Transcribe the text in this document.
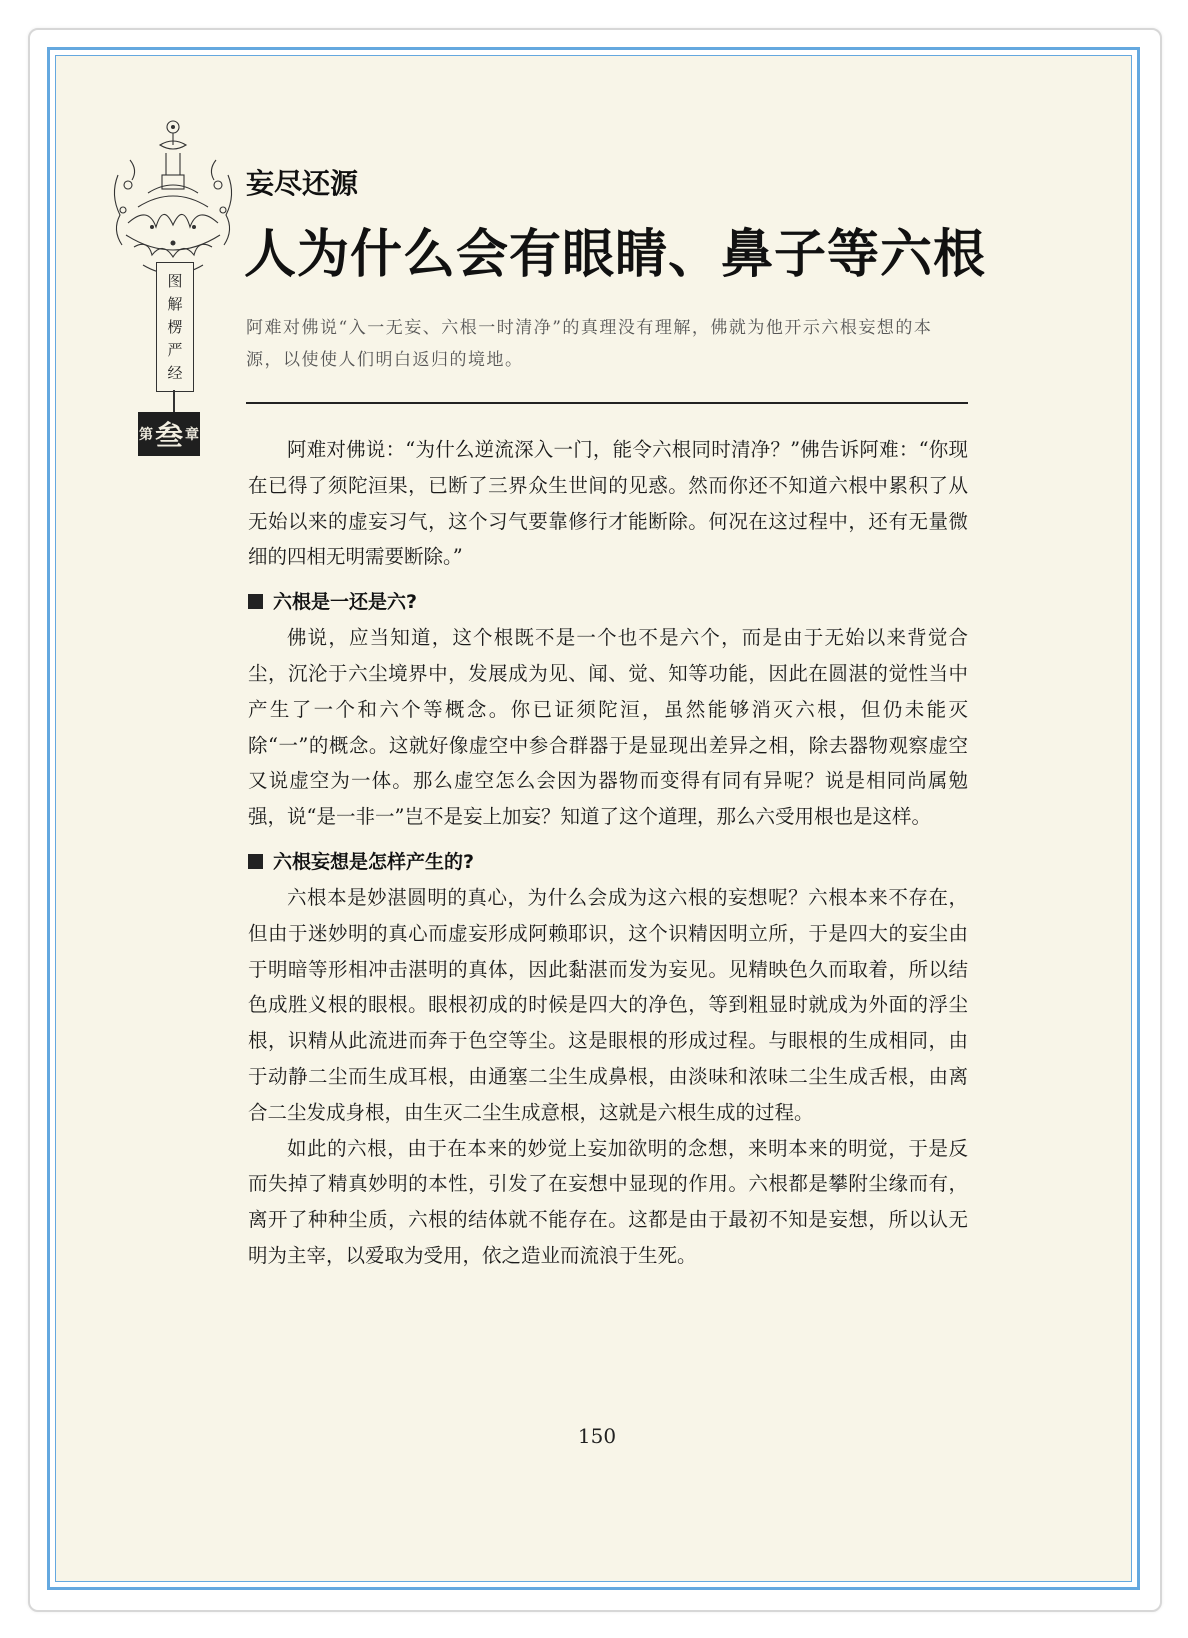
图
解
楞
严
经
第 叁 章
妄尽还源
人为什么会有眼睛、鼻子等六根
阿难对佛说“入一无妄、六根一时清净”的真理没有理解，佛就为他开示六根妄想的本源，以使使人们明白返归的境地。

阿难对佛说：“为什么逆流深入一门，能令六根同时清净？”佛告诉阿难：“你现在已得了须陀洹果，已断了三界众生世间的见惑。然而你还不知道六根中累积了从无始以来的虚妄习气，这个习气要靠修行才能断除。何况在这过程中，还有无量微细的四相无明需要断除。”

六根是一还是六?

佛说，应当知道，这个根既不是一个也不是六个，而是由于无始以来背觉合尘，沉沦于六尘境界中，发展成为见、闻、觉、知等功能，因此在圆湛的觉性当中产生了一个和六个等概念。你已证须陀洹，虽然能够消灭六根，但仍未能灭除“一”的概念。这就好像虚空中参合群器于是显现出差异之相，除去器物观察虚空又说虚空为一体。那么虚空怎么会因为器物而变得有同有异呢？说是相同尚属勉强，说“是一非一”岂不是妄上加妄？知道了这个道理，那么六受用根也是这样。

六根妄想是怎样产生的?

六根本是妙湛圆明的真心，为什么会成为这六根的妄想呢？六根本来不存在，但由于迷妙明的真心而虚妄形成阿赖耶识，这个识精因明立所，于是四大的妄尘由于明暗等形相冲击湛明的真体，因此黏湛而发为妄见。见精映色久而取着，所以结色成胜义根的眼根。眼根初成的时候是四大的净色，等到粗显时就成为外面的浮尘根，识精从此流进而奔于色空等尘。这是眼根的形成过程。与眼根的生成相同，由于动静二尘而生成耳根，由通塞二尘生成鼻根，由淡味和浓味二尘生成舌根，由离合二尘发成身根，由生灭二尘生成意根，这就是六根生成的过程。

如此的六根，由于在本来的妙觉上妄加欲明的念想，来明本来的明觉，于是反而失掉了精真妙明的本性，引发了在妄想中显现的作用。六根都是攀附尘缘而有，离开了种种尘质，六根的结体就不能存在。这都是由于最初不知是妄想，所以认无明为主宰，以爱取为受用，依之造业而流浪于生死。

150
